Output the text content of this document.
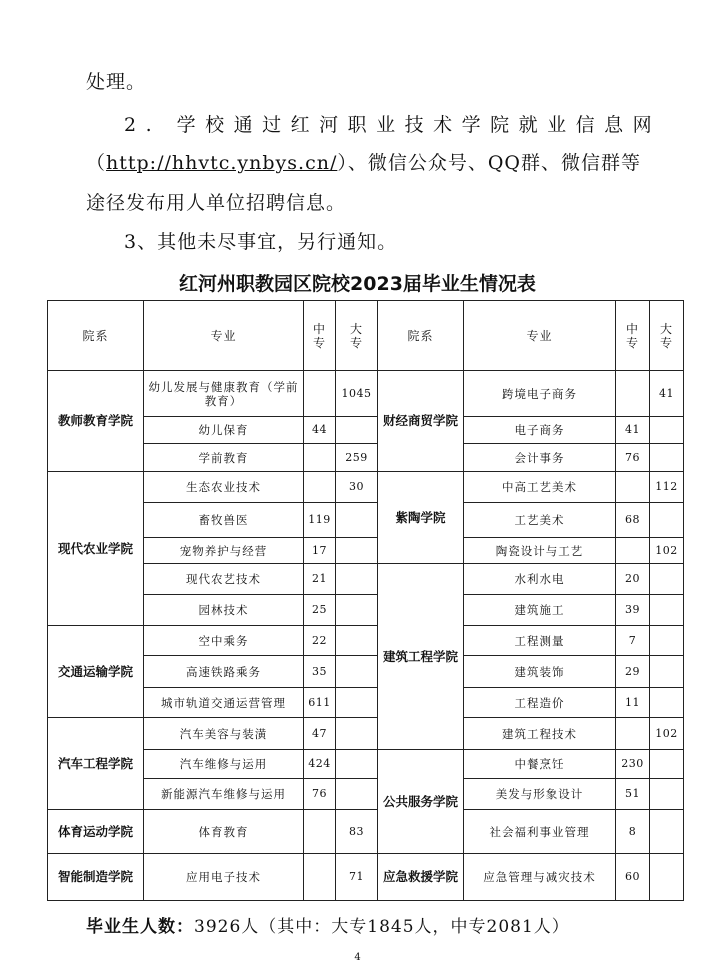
处理。
2. 学校通过红河职业技术学院就业信息网
（http://hhvtc.ynbys.cn/）、微信公众号、QQ群、微信群等
途径发布用人单位招聘信息。
3、其他未尽事宜，另行通知。
红河州职教园区院校2023届毕业生情况表
院系	专业	中专	大专	院系	专业	中专	大专
教师教育学院	幼儿发展与健康教育（学前教育）		1045	财经商贸学院	跨境电子商务		41
	幼儿保育	44			电子商务	41	
	学前教育		259		会计事务	76	
现代农业学院	生态农业技术		30	紫陶学院	中高工艺美术		112
	畜牧兽医	119			工艺美术	68	
	宠物养护与经营	17			陶瓷设计与工艺		102
	现代农艺技术	21		建筑工程学院	水利水电	20	
	园林技术	25			建筑施工	39	
交通运输学院	空中乘务	22			工程测量	7	
	高速铁路乘务	35			建筑装饰	29	
	城市轨道交通运营管理	611			工程造价	11	
汽车工程学院	汽车美容与装潢	47			建筑工程技术		102
	汽车维修与运用	424		公共服务学院	中餐烹饪	230	
	新能源汽车维修与运用	76			美发与形象设计	51	
体育运动学院	体育教育		83		社会福利事业管理	8	
智能制造学院	应用电子技术		71	应急救援学院	应急管理与减灾技术	60	
毕业生人数：3926人（其中：大专1845人，中专2081人）
4
